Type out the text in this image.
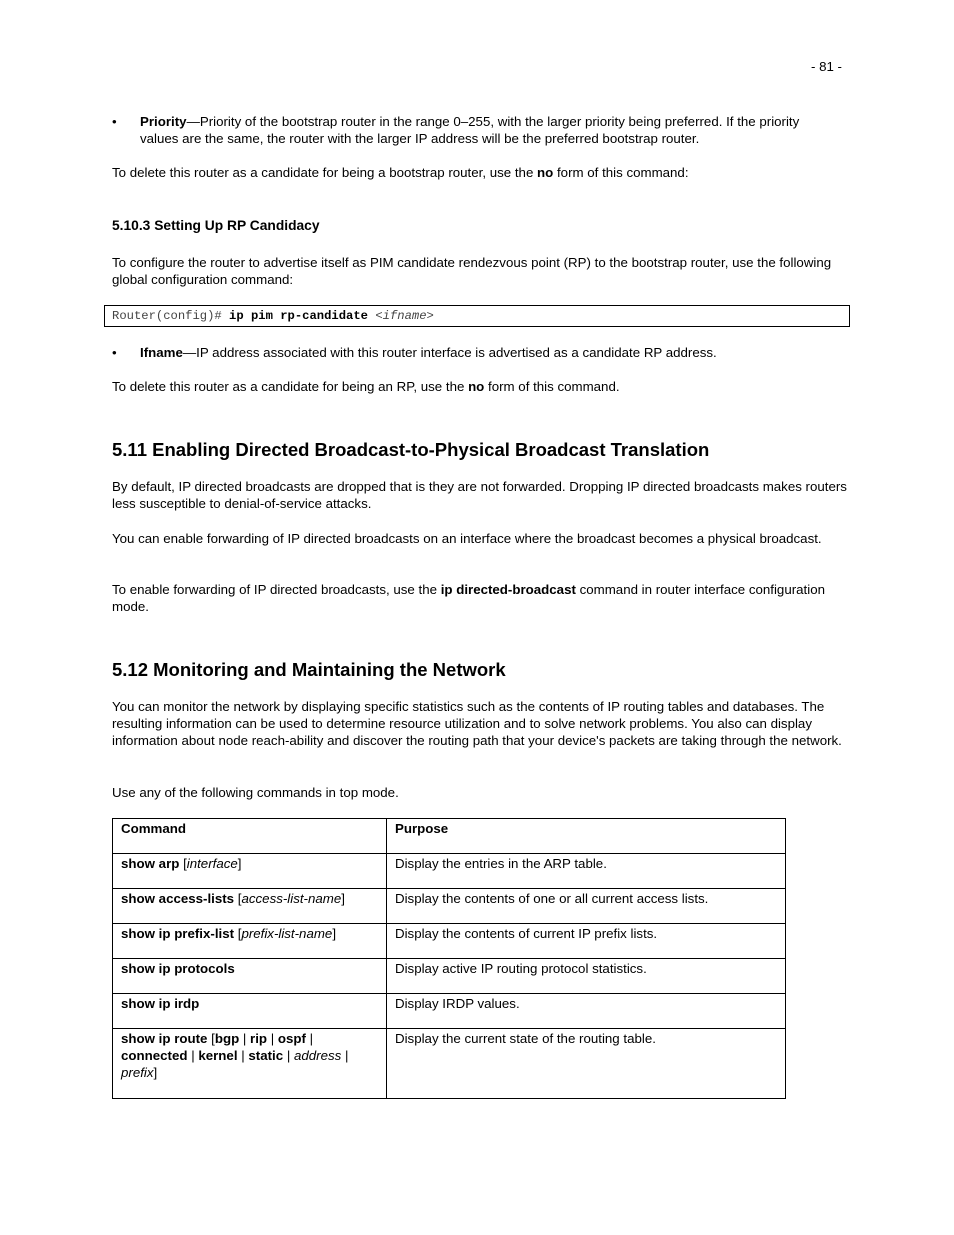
- 81 -
•	Priority—Priority of the bootstrap router in the range 0–255, with the larger priority being preferred. If the priority values are the same, the router with the larger IP address will be the preferred bootstrap router.
To delete this router as a candidate for being a bootstrap router, use the no form of this command:
5.10.3 Setting Up RP Candidacy
To configure the router to advertise itself as PIM candidate rendezvous point (RP) to the bootstrap router, use the following global configuration command:
Router(config)# ip pim rp-candidate <ifname>
•	Ifname—IP address associated with this router interface is advertised as a candidate RP address.
To delete this router as a candidate for being an RP, use the no form of this command.
5.11 Enabling Directed Broadcast-to-Physical Broadcast Translation
By default, IP directed broadcasts are dropped that is they are not forwarded. Dropping IP directed broadcasts makes routers less susceptible to denial-of-service attacks.
You can enable forwarding of IP directed broadcasts on an interface where the broadcast becomes a physical broadcast.
To enable forwarding of IP directed broadcasts, use the ip directed-broadcast command in router interface configuration mode.
5.12 Monitoring and Maintaining the Network
You can monitor the network by displaying specific statistics such as the contents of IP routing tables and databases. The resulting information can be used to determine resource utilization and to solve network problems. You also can display information about node reach-ability and discover the routing path that your device's packets are taking through the network.
Use any of the following commands in top mode.
Command	Purpose
show arp [interface]	Display the entries in the ARP table.
show access-lists [access-list-name]	Display the contents of one or all current access lists.
show ip prefix-list [prefix-list-name]	Display the contents of current IP prefix lists.
show ip protocols	Display active IP routing protocol statistics.
show ip irdp	Display IRDP values.
show ip route [bgp | rip | ospf | connected | kernel | static | address | prefix]	Display the current state of the routing table.
